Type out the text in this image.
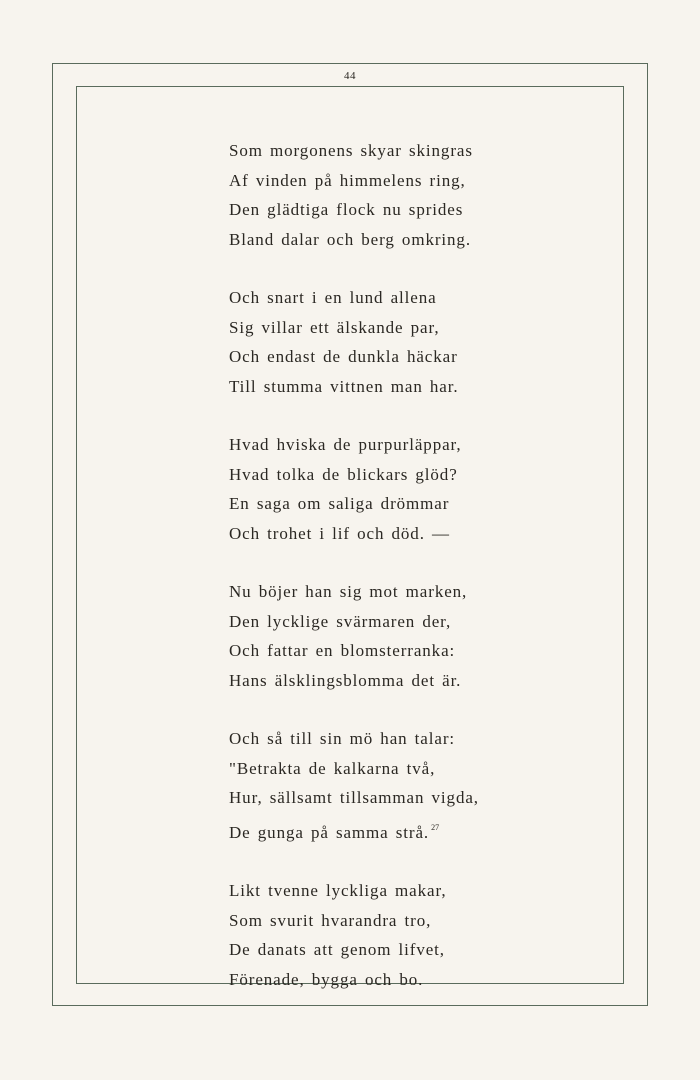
44
Som morgonens skyar skingras
Af vinden på himmelens ring,
Den glädtiga flock nu sprides
Bland dalar och berg omkring.
Och snart i en lund allena
Sig villar ett älskande par,
Och endast de dunkla häckar
Till stumma vittnen man har.
Hvad hviska de purpurläppar,
Hvad tolka de blickars glöd?
En saga om saliga drömmar
Och trohet i lif och död. —
Nu böjer han sig mot marken,
Den lycklige svärmaren der,
Och fattar en blomsterranka:
Hans älsklingsblomma det är.
Och så till sin mö han talar:
"Betrakta de kalkarna två,
Hur, sällsamt tillsamman vigda,
De gunga på samma strå. $^{27}$
Likt tvenne lyckliga makar,
Som svurit hvarandra tro,
De danats att genom lifvet,
Förenade, bygga och bo.
